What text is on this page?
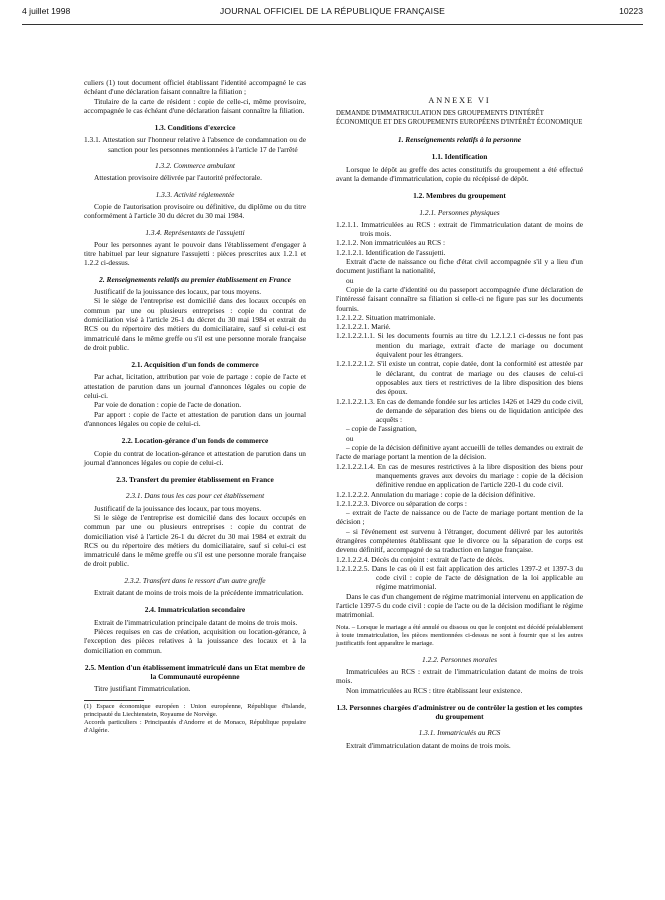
4 juillet 1998	JOURNAL OFFICIEL DE LA RÉPUBLIQUE FRANÇAISE	10223

culiers (1) tout document officiel établissant l'identité accompagné le cas échéant d'une déclaration faisant connaître la filiation ;

Titulaire de la carte de résident : copie de celle-ci, même provisoire, accompagnée le cas échéant d'une déclaration faisant connaître la filiation.

1.3. Conditions d'exercice

1.3.1. Attestation sur l'honneur relative à l'absence de condamnation ou de sanction pour les personnes mentionnées à l'article 17 de l'arrêté

1.3.2. Commerce ambulant

Attestation provisoire délivrée par l'autorité préfectorale.

1.3.3. Activité réglementée

Copie de l'autorisation provisoire ou définitive, du diplôme ou du titre conformément à l'article 30 du décret du 30 mai 1984.

1.3.4. Représentants de l'assujetti

Pour les personnes ayant le pouvoir dans l'établissement d'engager à titre habituel par leur signature l'assujetti : pièces prescrites aux 1.2.1 et 1.2.2 ci-dessus.

2. Renseignements relatifs au premier établissement en France

Justificatif de la jouissance des locaux, par tous moyens.

Si le siège de l'entreprise est domicilié dans des locaux occupés en commun par une ou plusieurs entreprises : copie du contrat de domiciliation visé à l'article 26-1 du décret du 30 mai 1984 et extrait du RCS ou du répertoire des métiers du domiciliataire, sauf si celui-ci est immatriculé dans le même greffe ou s'il est une personne morale française de droit public.

2.1. Acquisition d'un fonds de commerce

Par achat, licitation, attribution par voie de partage : copie de l'acte et attestation de parution dans un journal d'annonces légales ou copie de celui-ci.

Par voie de donation : copie de l'acte de donation.

Par apport : copie de l'acte et attestation de parution dans un journal d'annonces légales ou copie de celui-ci.

2.2. Location-gérance d'un fonds de commerce

Copie du contrat de location-gérance et attestation de parution dans un journal d'annonces légales ou copie de celui-ci.

2.3. Transfert du premier établissement en France

2.3.1. Dans tous les cas pour cet établissement

Justificatif de la jouissance des locaux, par tous moyens.

Si le siège de l'entreprise est domicilié dans des locaux occupés en commun par une ou plusieurs entreprises : copie du contrat de domiciliation visé à l'article 26-1 du décret du 30 mai 1984 et extrait du RCS ou du répertoire des métiers du domiciliataire, sauf si celui-ci est immatriculé dans le même greffe ou s'il est une personne morale française de droit public.

2.3.2. Transfert dans le ressort d'un autre greffe

Extrait datant de moins de trois mois de la précédente immatriculation.

2.4. Immatriculation secondaire

Extrait de l'immatriculation principale datant de moins de trois mois.

Pièces requises en cas de création, acquisition ou location-gérance, à l'exception des pièces relatives à la jouissance des locaux et à la domiciliation en commun.

2.5. Mention d'un établissement immatriculé dans un Etat membre de la Communauté européenne

Titre justifiant l'immatriculation.

(1) Espace économique européen : Union européenne, République d'Islande, principauté du Liechtenstein, Royaume de Norvège.

Accords particuliers : Principautés d'Andorre et de Monaco, République populaire d'Algérie.

ANNEXE VI

DEMANDE D'IMMATRICULATION DES GROUPEMENTS D'INTÉRÊT ÉCONOMIQUE ET DES GROUPEMENTS EUROPÉENS D'INTÉRÊT ÉCONOMIQUE

1. Renseignements relatifs à la personne

1.1. Identification

Lorsque le dépôt au greffe des actes constitutifs du groupement a été effectué avant la demande d'immatriculation, copie du récépissé de dépôt.

1.2. Membres du groupement

1.2.1. Personnes physiques

1.2.1.1. Immatriculées au RCS : extrait de l'immatriculation datant de moins de trois mois.

1.2.1.2. Non immatriculées au RCS :

1.2.1.2.1. Identification de l'assujetti.

Extrait d'acte de naissance ou fiche d'état civil accompagnée s'il y a lieu d'un document justifiant la nationalité,

ou

Copie de la carte d'identité ou du passeport accompagnée d'une déclaration de l'intéressé faisant connaître sa filiation si celle-ci ne figure pas sur les documents fournis.

1.2.1.2.2. Situation matrimoniale.

1.2.1.2.2.1. Marié.

1.2.1.2.2.1.1. Si les documents fournis au titre du 1.2.1.2.1 ci-dessus ne font pas mention du mariage, extrait d'acte de mariage ou document équivalent pour les étrangers.

1.2.1.2.2.1.2. S'il existe un contrat, copie datée, dont la conformité est attestée par le déclarant, du contrat de mariage ou des clauses de celui-ci opposables aux tiers et restrictives de la libre disposition des biens des époux.

1.2.1.2.2.1.3. En cas de demande fondée sur les articles 1426 et 1429 du code civil, de demande de séparation des biens ou de liquidation anticipée des acquêts :

– copie de l'assignation,

ou

– copie de la décision définitive ayant accueilli de telles demandes ou extrait de l'acte de mariage portant la mention de la décision.

1.2.1.2.2.1.4. En cas de mesures restrictives à la libre disposition des biens pour manquements graves aux devoirs du mariage : copie de la décision définitive rendue en application de l'article 220-1 du code civil.

1.2.1.2.2.2. Annulation du mariage : copie de la décision définitive.

1.2.1.2.2.3. Divorce ou séparation de corps :

– extrait de l'acte de naissance ou de l'acte de mariage portant mention de la décision ;

– si l'événement est survenu à l'étranger, document délivré par les autorités étrangères compétentes établissant que le divorce ou la séparation de corps est devenu définitif, accompagné de sa traduction en langue française.

1.2.1.2.2.4. Décès du conjoint : extrait de l'acte de décès.

1.2.1.2.2.5. Dans le cas où il est fait application des articles 1397-2 et 1397-3 du code civil : copie de l'acte de désignation de la loi applicable au régime matrimonial.

Dans le cas d'un changement de régime matrimonial intervenu en application de l'article 1397-5 du code civil : copie de l'acte ou de la décision modifiant le régime matrimonial.

Nota. – Lorsque le mariage a été annulé ou dissous ou que le conjoint est décédé préalablement à toute immatriculation, les pièces mentionnées ci-dessus ne sont à fournir que si les autres justificatifs font apparaître le mariage.

1.2.2. Personnes morales

Immatriculées au RCS : extrait de l'immatriculation datant de moins de trois mois.

Non immatriculées au RCS : titre établissant leur existence.

1.3. Personnes chargées d'administrer ou de contrôler la gestion et les comptes du groupement

1.3.1. Immatriculés au RCS

Extrait d'immatriculation datant de moins de trois mois.
